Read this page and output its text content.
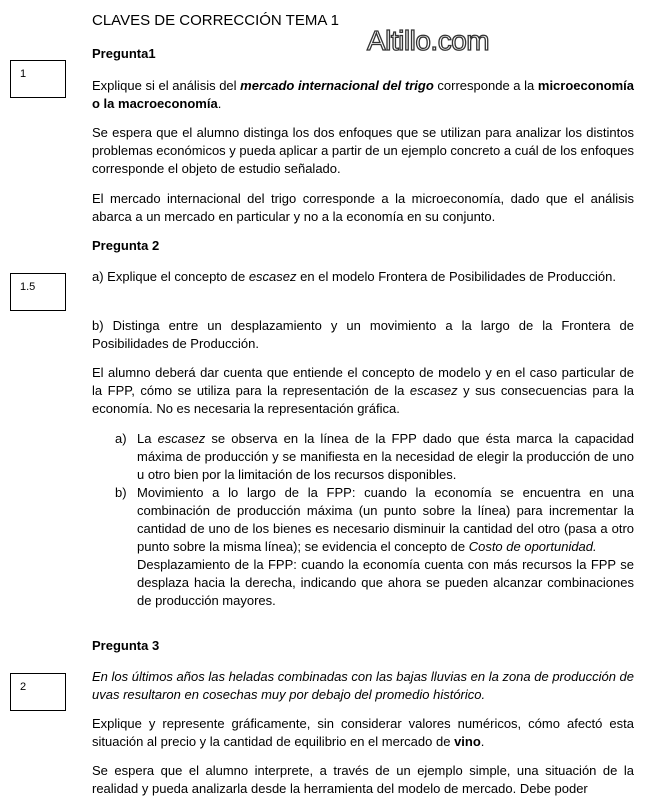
CLAVES DE CORRECCIÓN TEMA 1
Altillo.com
Pregunta1
1
Explique si el análisis del mercado internacional del trigo corresponde a la microeconomía o la macroeconomía.
Se espera que el alumno distinga los dos enfoques que se utilizan para analizar los distintos problemas económicos y pueda aplicar a partir de un ejemplo concreto a cuál de los enfoques corresponde el objeto de estudio señalado.
El mercado internacional del trigo corresponde a la microeconomía, dado que el análisis abarca a un mercado en particular y no a la economía en su conjunto.
Pregunta 2
1.5
a) Explique el concepto de escasez en el modelo Frontera de Posibilidades de Producción.
b) Distinga entre un desplazamiento y un movimiento a la largo de la Frontera de Posibilidades de Producción.
El alumno deberá dar cuenta que entiende el concepto de modelo y en el caso particular de la FPP, cómo se utiliza para la representación de la escasez y sus consecuencias para la economía. No es necesaria la representación gráfica.
a) La escasez se observa en la línea de la FPP dado que ésta marca la capacidad máxima de producción y se manifiesta en la necesidad de elegir la producción de uno u otro bien por la limitación de los recursos disponibles.
b) Movimiento a lo largo de la FPP: cuando la economía se encuentra en una combinación de producción máxima (un punto sobre la línea) para incrementar la cantidad de uno de los bienes es necesario disminuir la cantidad del otro (pasa a otro punto sobre la misma línea); se evidencia el concepto de Costo de oportunidad.
Desplazamiento de la FPP: cuando la economía cuenta con más recursos la FPP se desplaza hacia la derecha, indicando que ahora se pueden alcanzar combinaciones de producción mayores.
Pregunta 3
2
En los últimos años las heladas combinadas con las bajas lluvias en la zona de producción de uvas resultaron en cosechas muy por debajo del promedio histórico.
Explique y represente gráficamente, sin considerar valores numéricos, cómo afectó esta situación al precio y la cantidad de equilibrio en el mercado de vino.
Se espera que el alumno interprete, a través de un ejemplo simple, una situación de la realidad y pueda analizarla desde la herramienta del modelo de mercado. Debe poder
